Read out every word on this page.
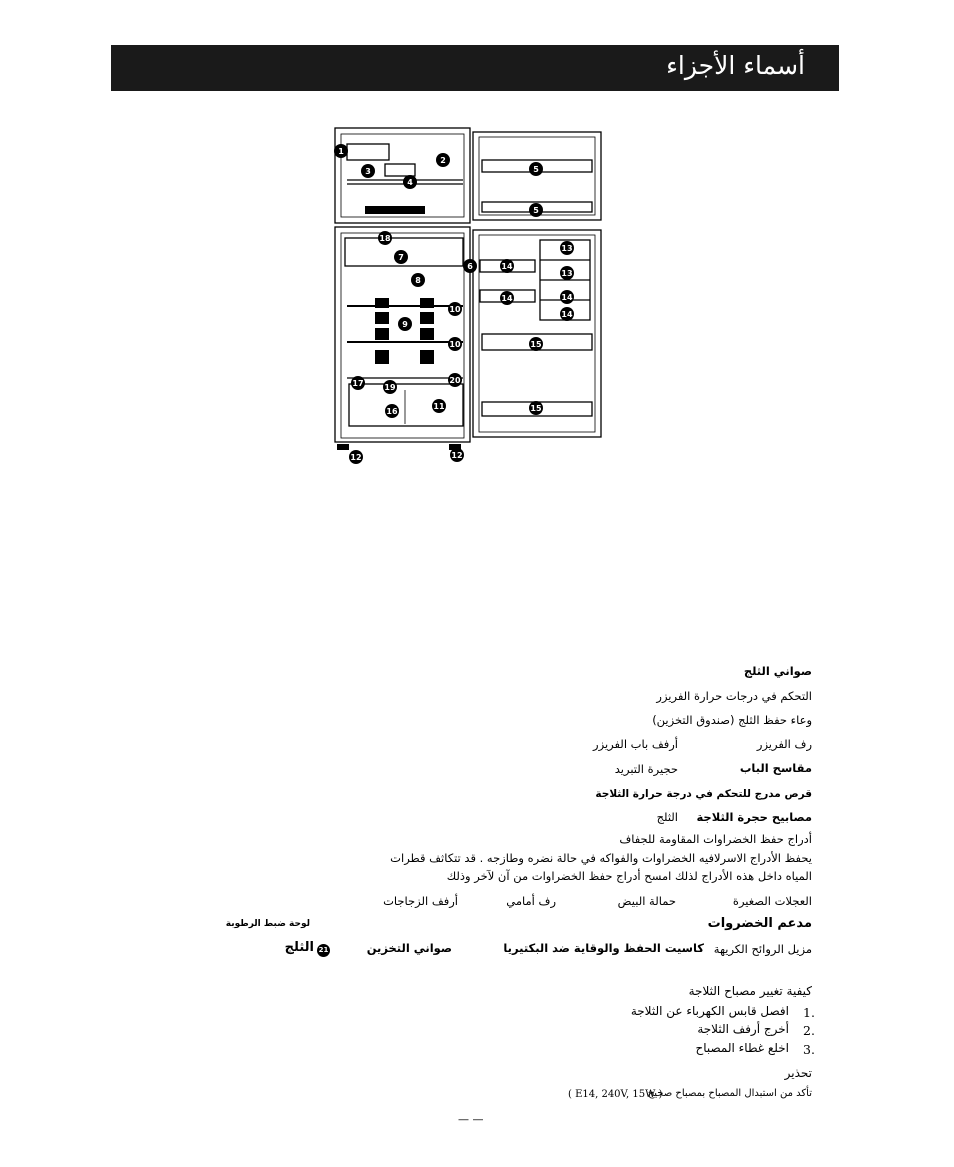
أسماء الأجزاء
1
2
3
4
5
5
6
7
8
9
10
10
11
12	12
13
13
14
14	14
14
15
15
16
17
18
19
20
صواني الثلج
التحكم في درجات حرارة الفريزر
وعاء حفظ الثلج (صندوق التخزين)
رف الفريزر
أرفف باب الفريزر
مقاسح الباب
حجيرة التبريد
قرص مدرج للتحكم في درجة حرارة الثلاجة
مصابيح حجرة الثلاجة
الثلج
أدراج حفظ الخضراوات المقاومة للجفاف
يحفظ الأدراج الاسرلافيه الخضراوات والفواكه في حالة نضره وطازجه . قد تتكاثف قطرات
المياه داخل هذه الأدراج لذلك امسح أدراج حفظ الخضراوات من آن لآخر وذلك
العجلات الصغيرة
حمالة البيض
رف أمامي
أرفف الزجاجات
مدعم الخضروات
لوحة ضبط الرطوبة
مزيل الروائح الكريهة
كاسيت الحفظ والوقاية ضد البكتيريا
صواني التخزين
21
الثلج
كيفية تغيير مصباح الثلاجة
1.
افصل قابس الكهرباء عن الثلاجة
2.
أخرج أرفف الثلاجة
3.
اخلع غطاء المصباح
تحذير
تأكد من استبدال المصباح بمصباح صحيح
( E14, 240V, 15W )
— —
